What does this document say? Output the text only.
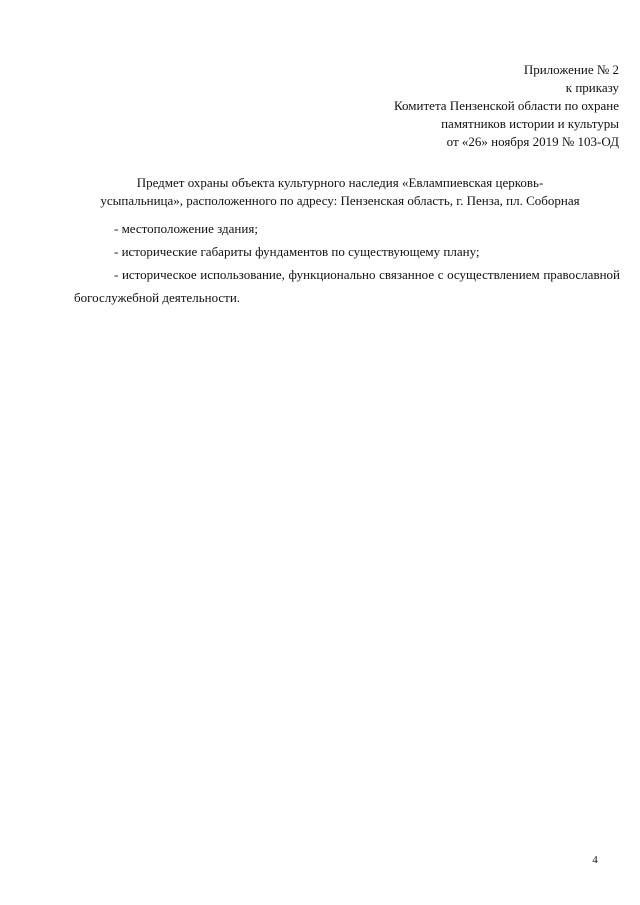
Приложение № 2
к приказу
Комитета Пензенской области по охране
памятников истории и культуры
от «26» ноября 2019 № 103-ОД
Предмет охраны объекта культурного наследия «Евлампиевская церковь-
усыпальница», расположенного по адресу: Пензенская область, г. Пенза, пл. Соборная
- местоположение здания;
- исторические габариты фундаментов по существующему плану;
- историческое использование, функционально связанное с осуществлением православной богослужебной деятельности.
4
